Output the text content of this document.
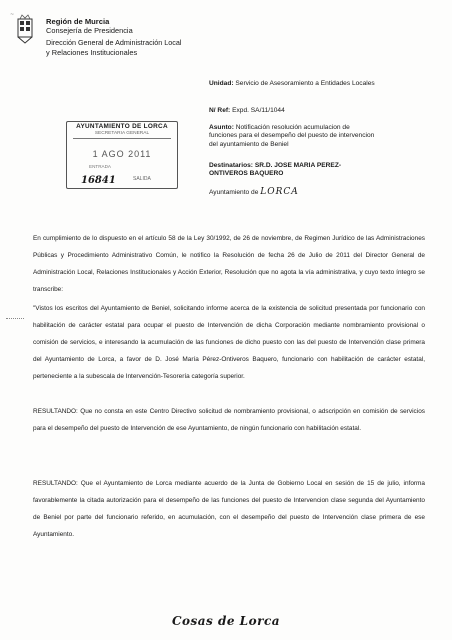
~
Región de Murcia
Consejería de Presidencia
Dirección General de Administración Local
y Relaciones Institucionales
Unidad: Servicio de Asesoramiento a Entidades Locales
N/ Ref: Expd. SA/11/1044
Asunto: Notificación resolución acumulacion de funciones para el desempeño del puesto de intervencion del ayuntamiento de Beniel
Destinatarios: SR.D. JOSE MARIA PEREZ-ONTIVEROS BAQUERO
Ayuntamiento de LORCA
AYUNTAMIENTO DE LORCA
SECRETARIA GENERAL
1 AGO 2011
ENTRADA
16841	SALIDA
En cumplimiento de lo dispuesto en el artículo 58 de la Ley 30/1992, de 26 de noviembre, de Regimen Jurídico de las Administraciones Públicas y Procedimiento Administrativo Común, le notifico la Resolución de fecha 26 de Julio de 2011 del Director General de Administración Local, Relaciones Institucionales y Acción Exterior, Resolución que no agota la vía administrativa, y cuyo texto íntegro se transcribe:
"Vistos los escritos del Ayuntamiento de Beniel, solicitando informe acerca de la existencia de solicitud presentada por funcionario con habilitación de carácter estatal para ocupar el puesto de Intervención de dicha Corporación mediante nombramiento provisional o comisión de servicios, e interesando la acumulación de las funciones de dicho puesto con las del puesto de Intervención clase primera del Ayuntamiento de Lorca, a favor de D. José María Pérez-Ontiveros Baquero, funcionario con habilitación de carácter estatal, perteneciente a la subescala de Intervención-Tesorería categoría superior.
RESULTANDO: Que no consta en este Centro Directivo solicitud de nombramiento provisional, o adscripción en comisión de servicios para el desempeño del puesto de Intervención de ese Ayuntamiento, de ningún funcionario con habilitación estatal.
RESULTANDO: Que el Ayuntamiento de Lorca mediante acuerdo de la Junta de Gobierno Local en sesión de 15 de julio, informa favorablemente la citada autorización para el desempeño de las funciones del puesto de Intervencion clase segunda del Ayuntamiento de Beniel por parte del funcionario referido, en acumulación, con el desempeño del puesto de Intervención clase primera de ese Ayuntamiento.
Cosas de Lorca
